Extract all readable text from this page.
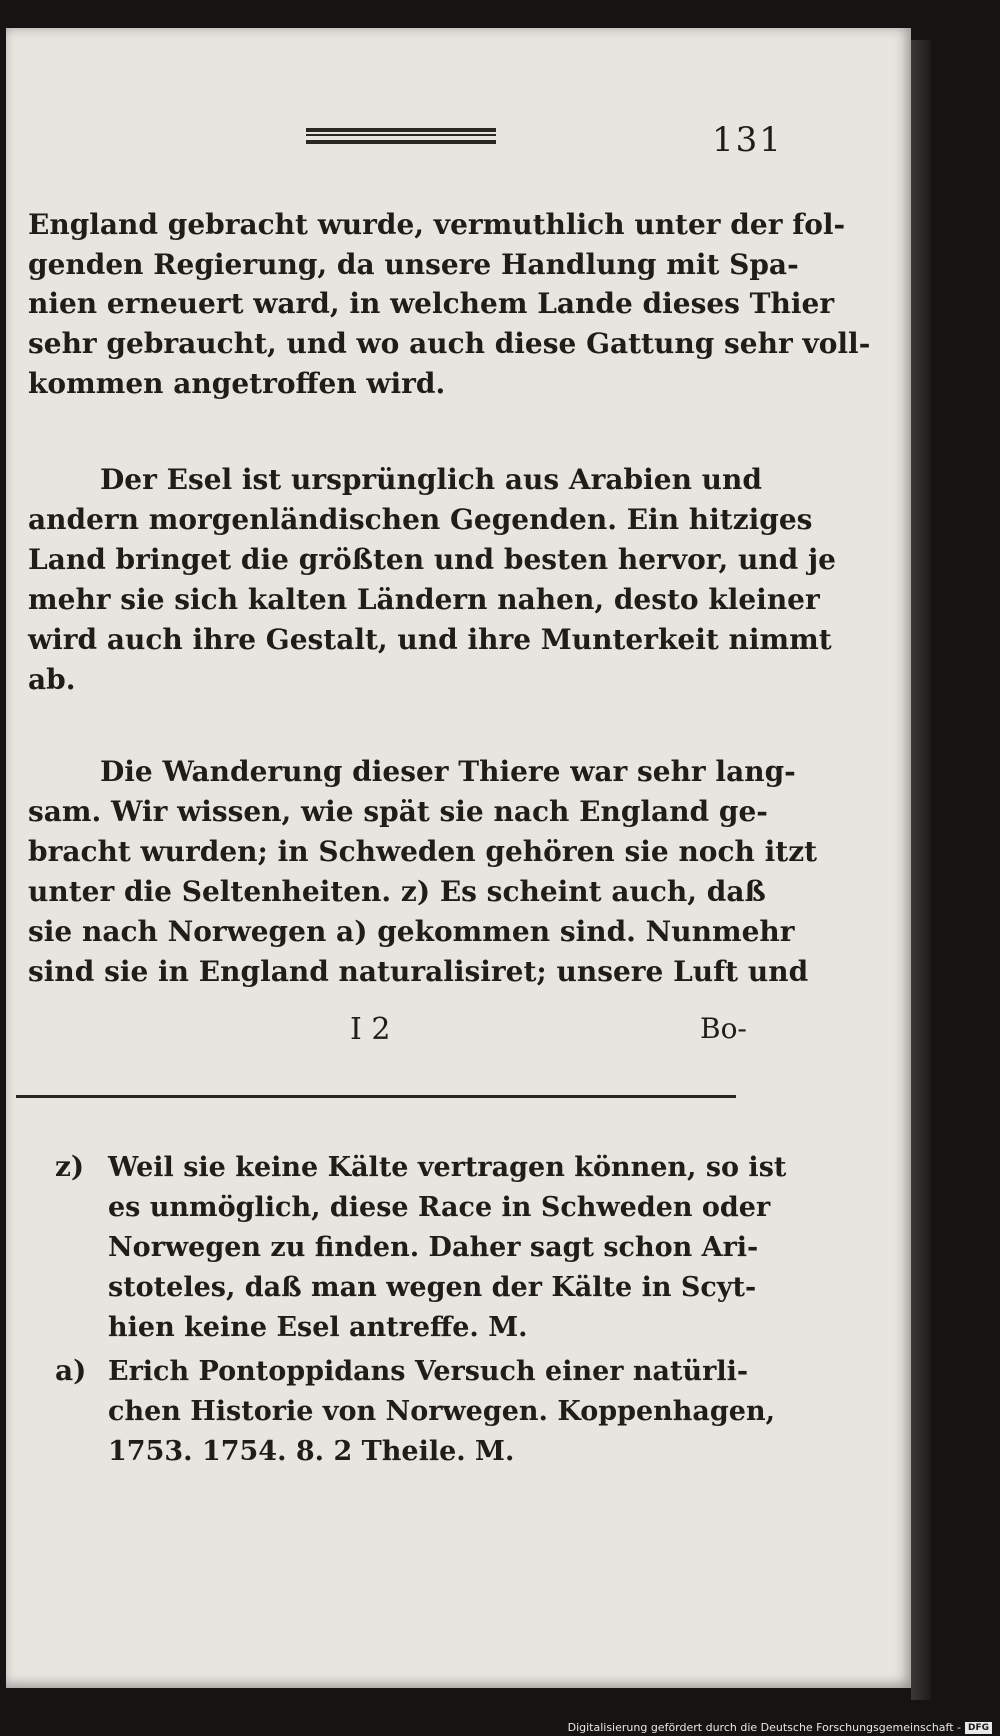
131
England gebracht wurde, vermuthlich unter der fol-
genden Regierung, da unsere Handlung mit Spa-
nien erneuert ward, in welchem Lande dieses Thier
sehr gebraucht, und wo auch diese Gattung sehr voll-
kommen angetroffen wird.
Der Esel ist ursprünglich aus Arabien und
andern morgenländischen Gegenden. Ein hitziges
Land bringet die größten und besten hervor, und je
mehr sie sich kalten Ländern nahen, desto kleiner
wird auch ihre Gestalt, und ihre Munterkeit nimmt
ab.
Die Wanderung dieser Thiere war sehr lang-
sam. Wir wissen, wie spät sie nach England ge-
bracht wurden; in Schweden gehören sie noch itzt
unter die Seltenheiten. z) Es scheint auch, daß
sie nach Norwegen a) gekommen sind. Nunmehr
sind sie in England naturalisiret; unsere Luft und
I 2	Bo-
z) Weil sie keine Kälte vertragen können, so ist
es unmöglich, diese Race in Schweden oder
Norwegen zu finden. Daher sagt schon Ari-
stoteles, daß man wegen der Kälte in Scyt-
hien keine Esel antreffe. M.
a) Erich Pontoppidans Versuch einer natürli-
chen Historie von Norwegen. Koppenhagen,
1753. 1754. 8. 2 Theile. M.
Digitalisierung gefördert durch die Deutsche Forschungsgemeinschaft - DFG
